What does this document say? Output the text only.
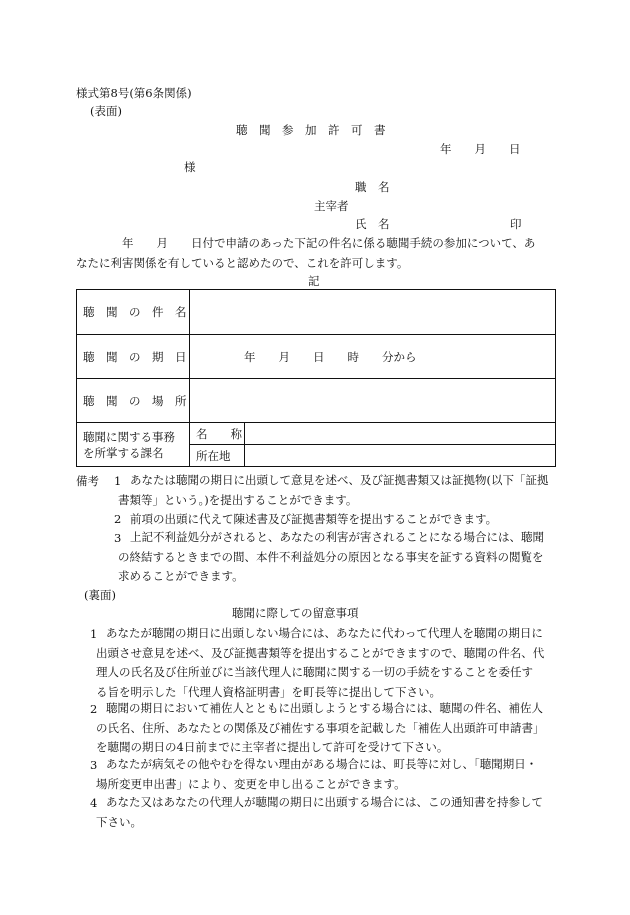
様式第8号(第6条関係)
(表面)
聴　聞　参　加　許　可　書
年　　月　　日
様
職　名
主宰者
氏　名	印
年　　月　　日付で申請のあった下記の件名に係る聴聞手続の参加について、あ
なたに利害関係を有していると認めたので、これを許可します。
記
聴　聞　の　件　名		
聴　聞　の　期　日	年　　月　　日　　時　　分から	
聴　聞　の　場　所		

聴聞に関する事務
を所掌する課名	名　　称	
	所在地	
備考 1 あなたは聴聞の期日に出頭して意見を述べ、及び証拠書類又は証拠物(以下「証拠
書類等」という。)を提出することができます。
2 前項の出頭に代えて陳述書及び証拠書類等を提出することができます。
3 上記不利益処分がされると、あなたの利害が害されることになる場合には、聴聞
の終結するときまでの間、本件不利益処分の原因となる事実を証する資料の閲覧を
求めることができます。
(裏面)
聴聞に際しての留意事項
1 あなたが聴聞の期日に出頭しない場合には、あなたに代わって代理人を聴聞の期日に
出頭させ意見を述べ、及び証拠書類等を提出することができますので、聴聞の件名、代
理人の氏名及び住所並びに当該代理人に聴聞に関する一切の手続をすることを委任す
る旨を明示した「代理人資格証明書」を町長等に提出して下さい。
2 聴聞の期日において補佐人とともに出頭しようとする場合には、聴聞の件名、補佐人
の氏名、住所、あなたとの関係及び補佐する事項を記載した「補佐人出頭許可申請書」
を聴聞の期日の4日前までに主宰者に提出して許可を受けて下さい。
3 あなたが病気その他やむを得ない理由がある場合には、町長等に対し、「聴聞期日・
場所変更申出書」により、変更を申し出ることができます。
4 あなた又はあなたの代理人が聴聞の期日に出頭する場合には、この通知書を持参して
下さい。
